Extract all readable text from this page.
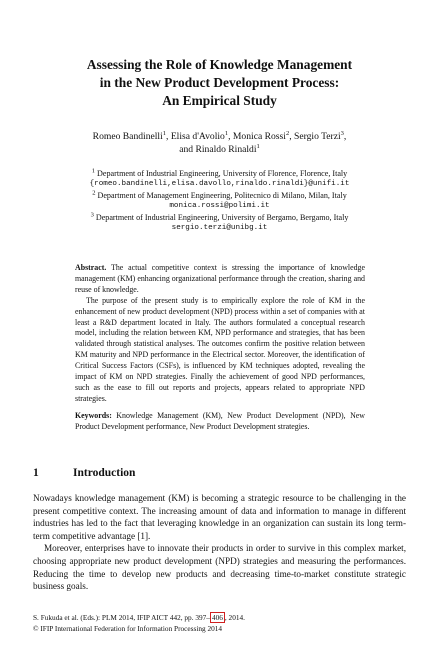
Assessing the Role of Knowledge Management
in the New Product Development Process:
An Empirical Study
Romeo Bandinelli$^1$, Elisa d'Avolio$^1$, Monica Rossi$^2$, Sergio Terzi$^3$,
and Rinaldo Rinaldi$^1$
$^1$ Department of Industrial Engineering, University of Florence, Florence, Italy
{romeo.bandinelli,elisa.davollo,rinaldo.rinaldi}@unifi.it
$^2$ Department of Management Engineering, Politecnico di Milano, Milan, Italy
monica.rossi@polimi.it
$^3$ Department of Industrial Engineering, University of Bergamo, Bergamo, Italy
sergio.terzi@unibg.it

Abstract. The actual competitive context is stressing the importance of knowledge management (KM) enhancing organizational performance through the creation, sharing and reuse of knowledge.

The purpose of the present study is to empirically explore the role of KM in the enhancement of new product development (NPD) process within a set of companies with at least a R&D department located in Italy. The authors formulated a conceptual research model, including the relation between KM, NPD performance and strategies, that has been validated through statistical analyses. The outcomes confirm the positive relation between KM maturity and NPD performance in the Electrical sector. Moreover, the identification of Critical Success Factors (CSFs), is influenced by KM techniques adopted, revealing the impact of KM on NPD strategies. Finally the achievement of good NPD performances, such as the ease to fill out reports and projects, appears related to appropriate NPD strategies.

Keywords: Knowledge Management (KM), New Product Development (NPD), New Product Development performance, New Product Development strategies.

1	Introduction

Nowadays knowledge management (KM) is becoming a strategic resource to be challenging in the present competitive context. The increasing amount of data and information to manage in different industries has led to the fact that leveraging knowledge in an organization can sustain its long term-term competitive advantage [1].

Moreover, enterprises have to innovate their products in order to survive in this complex market, choosing appropriate new product development (NPD) strategies and measuring the performances. Reducing the time to develop new products and decreasing time-to-market constitute strategic business goals.

S. Fukuda et al. (Eds.): PLM 2014, IFIP AICT 442, pp. 397– 406 , 2014.
© IFIP International Federation for Information Processing 2014
